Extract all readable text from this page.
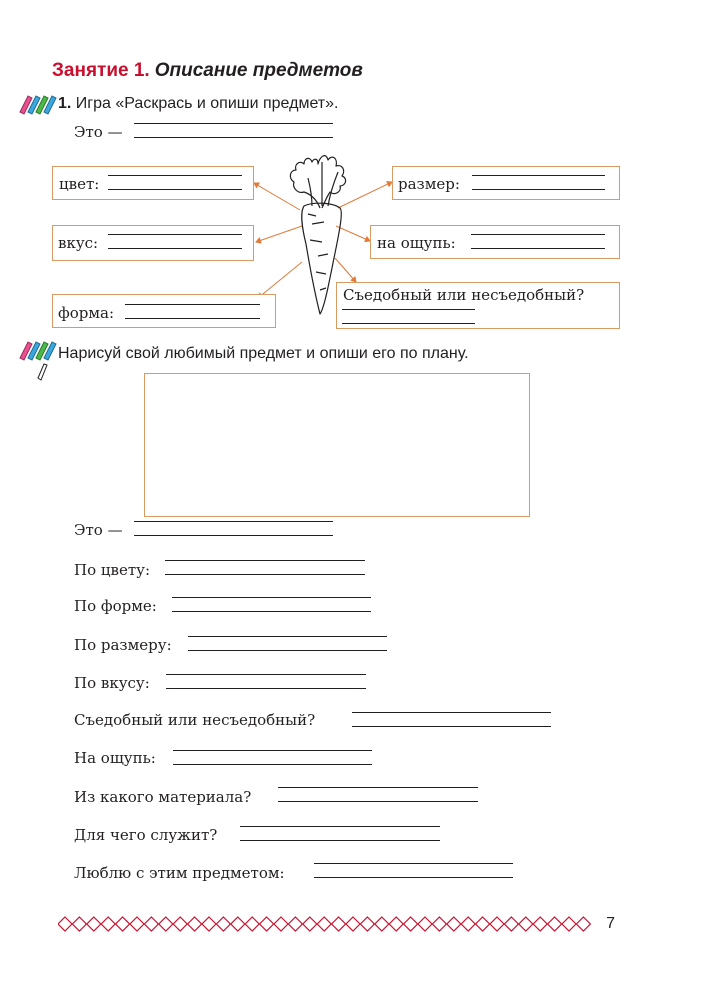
Занятие 1. Описание предметов
1. Игра «Раскрась и опиши предмет».
Это —
цвет:	размер:
вкус:	на ощупь:
форма:
Съедобный или несъедобный?
Нарисуй свой любимый предмет и опиши его по плану.
Это —
По цвету:
По форме:
По размеру:
По вкусу:
Съедобный или несъедобный?
На ощупь:
Из какого материала?
Для чего служит?
Люблю с этим предметом:
7
